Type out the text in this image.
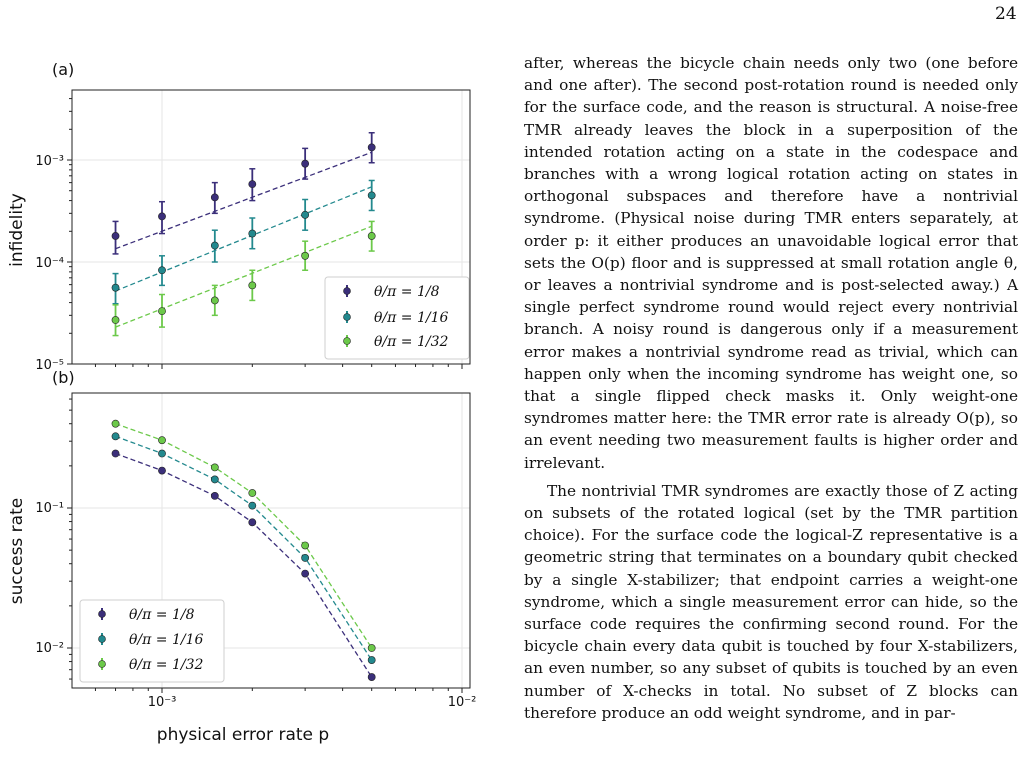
24
(a)
(b)
infidelity
success rate
physical error rate p
10⁻³
10⁻⁴
10⁻⁵
10⁻¹
10⁻²
10⁻³	10⁻²
θ/π = 1/8
θ/π = 1/16
θ/π = 1/32
θ/π = 1/8
θ/π = 1/16
θ/π = 1/32

after, whereas the bicycle chain needs only two (one before and one after). The second post-rotation round is needed only for the surface code, and the reason is structural. A noise-free TMR already leaves the block in a superposition of the intended rotation acting on a state in the codespace and branches with a wrong logical rotation acting on states in orthogonal subspaces and therefore have a nontrivial syndrome. (Physical noise during TMR enters separately, at order p: it either produces an unavoidable logical error that sets the O(p) floor and is suppressed at small rotation angle θ, or leaves a nontrivial syndrome and is post-selected away.) A single perfect syndrome round would reject every nontrivial branch. A noisy round is dangerous only if a measurement error makes a nontrivial syndrome read as trivial, which can happen only when the incoming syndrome has weight one, so that a single flipped check masks it. Only weight-one syndromes matter here: the TMR error rate is already O(p), so an event needing two measurement faults is higher order and irrelevant.

The nontrivial TMR syndromes are exactly those of Z acting on subsets of the rotated logical (set by the TMR partition choice). For the surface code the logical-Z representative is a geometric string that terminates on a boundary qubit checked by a single X-stabilizer; that endpoint carries a weight-one syndrome, which a single measurement error can hide, so the surface code requires the confirming second round. For the bicycle chain every data qubit is touched by four X-stabilizers, an even number, so any subset of qubits is touched by an even number of X-checks in total. No subset of Z blocks can therefore produce an odd weight syndrome, and in par-
